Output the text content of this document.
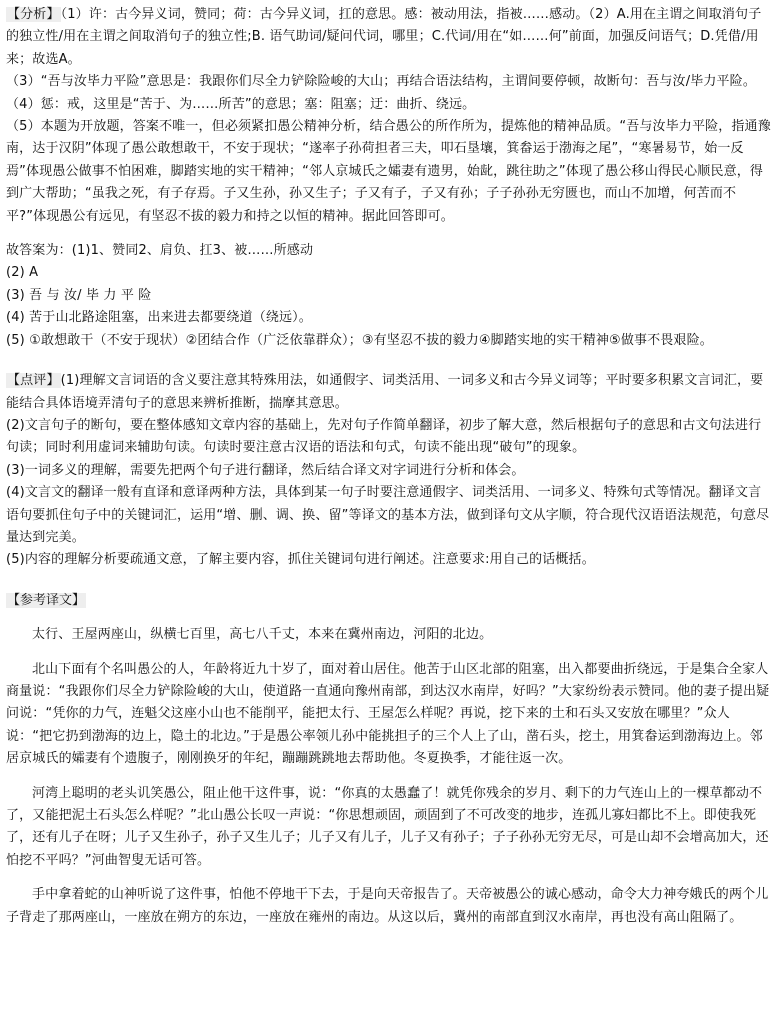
【分析】（1）许：古今异义词，赞同；荷：古今异义词，扛的意思。感：被动用法，指被……感动。（2）A.用在主谓之间取消句子的独立性/用在主谓之间取消句子的独立性;B. 语气助词/疑问代词，哪里；C.代词/用在“如……何”前面，加强反问语气；D.凭借/用来；故选A。

（3）“吾与汝毕力平险”意思是：我跟你们尽全力铲除险峻的大山；再结合语法结构，主谓间要停顿，故断句：吾与汝/毕力平险。

（4）惩：戒，这里是“苦于、为……所苦”的意思；塞：阻塞；迂：曲折、绕远。

（5）本题为开放题，答案不唯一，但必须紧扣愚公精神分析，结合愚公的所作所为，提炼他的精神品质。“吾与汝毕力平险，指通豫南，达于汉阴”体现了愚公敢想敢干，不安于现状；“遂率子孙荷担者三夫，叩石垦壤，箕畚运于渤海之尾”，“寒暑易节，始一反焉”体现愚公做事不怕困难，脚踏实地的实干精神；“邻人京城氏之孀妻有遗男，始龀，跳往助之”体现了愚公移山得民心顺民意，得到广大帮助；“虽我之死，有子存焉。子又生孙，孙又生子；子又有子，子又有孙；子子孙孙无穷匮也，而山不加增，何苦而不平?”体现愚公有远见，有坚忍不拔的毅力和持之以恒的精神。据此回答即可。

故答案为：(1)1、赞同2、肩负、扛3、被……所感动

(2) A

(3) 吾 与 汝/ 毕 力 平 险

(4) 苦于山北路途阻塞，出来进去都要绕道（绕远）。

(5) ①敢想敢干（不安于现状）②团结合作（广泛依靠群众）；③有坚忍不拔的毅力④脚踏实地的实干精神⑤做事不畏艰险。

【点评】(1)理解文言词语的含义要注意其特殊用法，如通假字、词类活用、一词多义和古今异义词等；平时要多积累文言词汇，要能结合具体语境弄清句子的意思来辨析推断，揣摩其意思。

(2)文言句子的断句，要在整体感知文章内容的基础上，先对句子作简单翻译，初步了解大意，然后根据句子的意思和古文句法进行句读；同时利用虚词来辅助句读。句读时要注意古汉语的语法和句式，句读不能出现“破句”的现象。

(3)一词多义的理解，需要先把两个句子进行翻译，然后结合译文对字词进行分析和体会。

(4)文言文的翻译一般有直译和意译两种方法，具体到某一句子时要注意通假字、词类活用、一词多义、特殊句式等情况。翻译文言语句要抓住句子中的关键词汇，运用“增、删、调、换、留”等译文的基本方法，做到译句文从字顺，符合现代汉语语法规范，句意尽量达到完美。

(5)内容的理解分析要疏通文意，了解主要内容，抓住关键词句进行阐述。注意要求:用自己的话概括。

【参考译文】

太行、王屋两座山，纵横七百里，高七八千丈，本来在冀州南边，河阳的北边。

北山下面有个名叫愚公的人，年龄将近九十岁了，面对着山居住。他苦于山区北部的阻塞，出入都要曲折绕远，于是集合全家人商量说：“我跟你们尽全力铲除险峻的大山，使道路一直通向豫州南部，到达汉水南岸，好吗？”大家纷纷表示赞同。他的妻子提出疑问说：“凭你的力气，连魁父这座小山也不能削平，能把太行、王屋怎么样呢？再说，挖下来的土和石头又安放在哪里？”众人说：“把它扔到渤海的边上，隐土的北边。”于是愚公率领儿孙中能挑担子的三个人上了山，凿石头，挖土，用箕畚运到渤海边上。邻居京城氏的孀妻有个遗腹子，刚刚换牙的年纪，蹦蹦跳跳地去帮助他。冬夏换季，才能往返一次。

河湾上聪明的老头讥笑愚公，阻止他干这件事，说：“你真的太愚蠢了！就凭你残余的岁月、剩下的力气连山上的一棵草都动不了，又能把泥土石头怎么样呢？”北山愚公长叹一声说：“你思想顽固，顽固到了不可改变的地步，连孤儿寡妇都比不上。即使我死了，还有儿子在呀；儿子又生孙子，孙子又生儿子；儿子又有儿子，儿子又有孙子；子子孙孙无穷无尽，可是山却不会增高加大，还怕挖不平吗？”河曲智叟无话可答。

手中拿着蛇的山神听说了这件事，怕他不停地干下去，于是向天帝报告了。天帝被愚公的诚心感动，命令大力神夸娥氏的两个儿子背走了那两座山，一座放在朔方的东边，一座放在雍州的南边。从这以后，冀州的南部直到汉水南岸，再也没有高山阻隔了。
